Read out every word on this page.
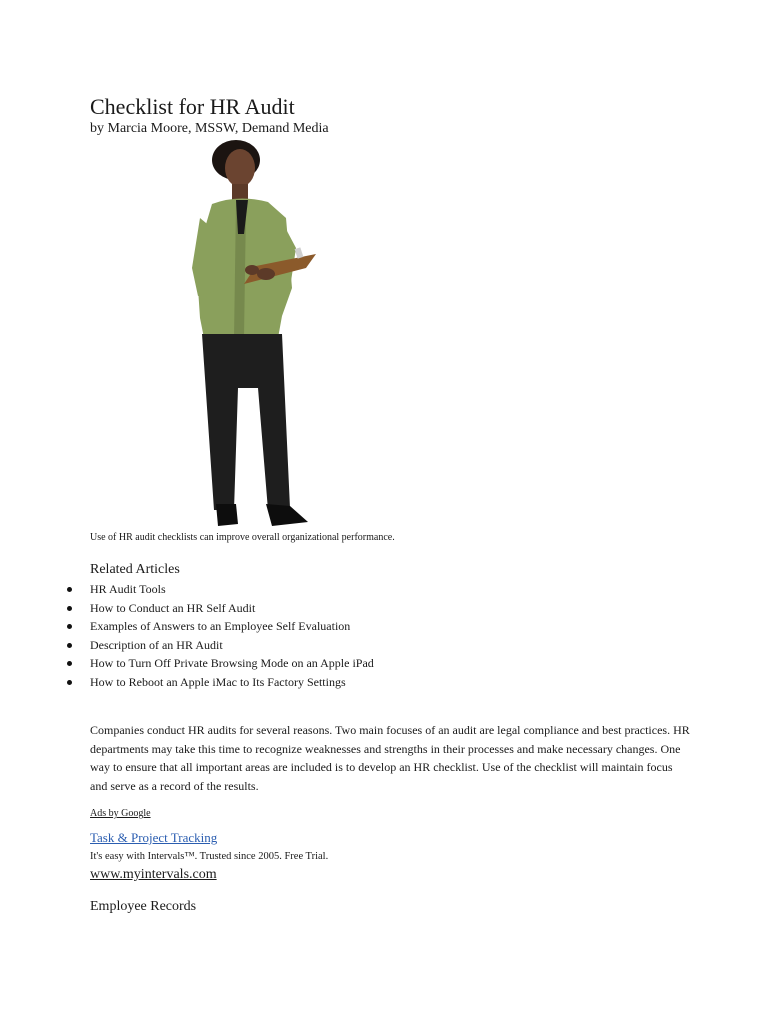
Checklist for HR Audit
by Marcia Moore, MSSW, Demand Media
Use of HR audit checklists can improve overall organizational performance.
Related Articles
HR Audit Tools
How to Conduct an HR Self Audit
Examples of Answers to an Employee Self Evaluation
Description of an HR Audit
How to Turn Off Private Browsing Mode on an Apple iPad
How to Reboot an Apple iMac to Its Factory Settings

Companies conduct HR audits for several reasons. Two main focuses of an audit are legal compliance and best practices. HR departments may take this time to recognize weaknesses and strengths in their processes and make necessary changes. One way to ensure that all important areas are included is to develop an HR checklist. Use of the checklist will maintain focus and serve as a record of the results.

Ads by Google
Task & Project Tracking
It's easy with Intervals™. Trusted since 2005. Free Trial.
www.myintervals.com
Employee Records
